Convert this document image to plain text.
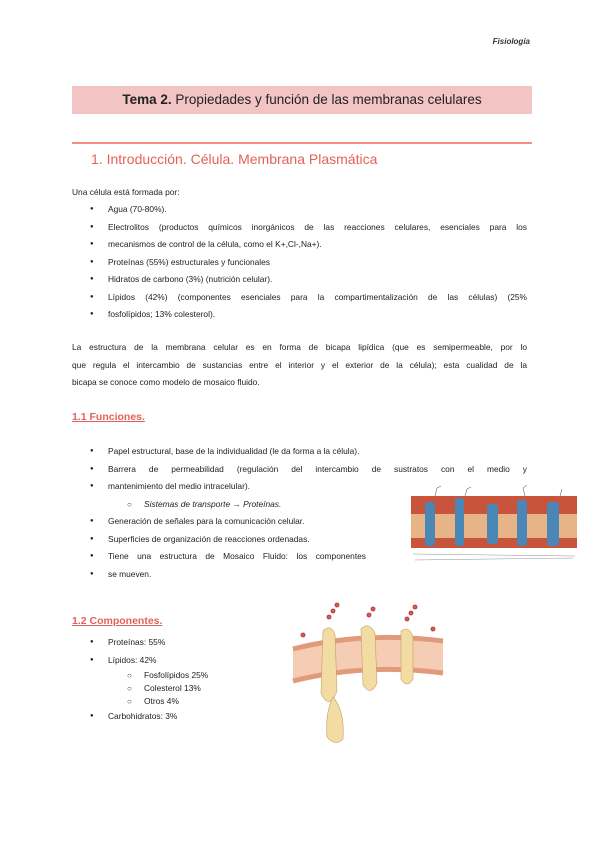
Fisiología
Tema 2. Propiedades y función de las membranas celulares
1. Introducción. Célula. Membrana Plasmática
Una célula está formada por:
● Agua (70-80%).
● Electrolitos (productos químicos inorgánicos de las reacciones celulares, esenciales para los
● mecanismos de control de la célula, como el K+,Cl-,Na+).
● Proteínas (55%) estructurales y funcionales
● Hidratos de carbono (3%) (nutrición celular).
● Lípidos (42%) (componentes esenciales para la compartimentalización de las células) (25%
● fosfolípidos; 13% colesterol).
La estructura de la membrana celular es en forma de bicapa lipídica (que es semipermeable, por lo
que regula el intercambio de sustancias entre el interior y el exterior de la célula); esta cualidad de la
bicapa se conoce como modelo de mosaico fluido.
1.1 Funciones.
● Papel estructural, base de la individualidad (le da forma a la célula).
● Barrera de permeabilidad (regulación del intercambio de sustratos con el medio y
● mantenimiento del medio intracelular).
○ Sistemas de transporte → Proteínas.
● Generación de señales para la comunicación celular.
● Superficies de organización de reacciones ordenadas.
● Tiene una estructura de Mosaico Fluido: los componentes
● se mueven.
1.2 Componentes.
● Proteínas: 55%
● Lípidos: 42%
○ Fosfolípidos 25%
○ Colesterol 13%
○ Otros 4%
● Carbohidratos: 3%
